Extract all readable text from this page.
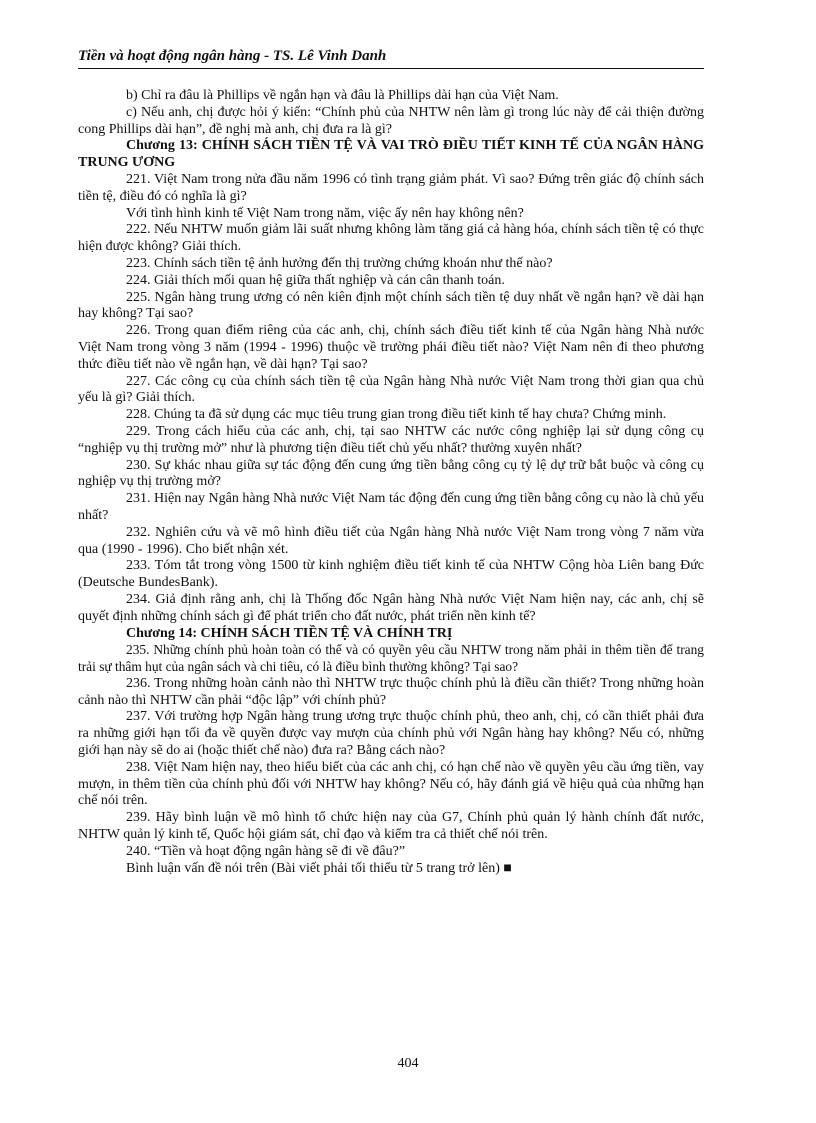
Tiền và hoạt động ngân hàng - TS. Lê Vinh Danh

b) Chỉ ra đâu là Phillips về ngắn hạn và đâu là Phillips dài hạn của Việt Nam.

c) Nếu anh, chị được hỏi ý kiến: “Chính phủ của NHTW nên làm gì trong lúc này để cải thiện đường cong Phillips dài hạn”, đề nghị mà anh, chị đưa ra là gì?

Chương 13: CHÍNH SÁCH TIỀN TỆ VÀ VAI TRÒ ĐIỀU TIẾT KINH TẾ CỦA NGÂN HÀNG TRUNG ƯƠNG

221. Việt Nam trong nửa đầu năm 1996 có tình trạng giảm phát. Vì sao? Đứng trên giác độ chính sách tiền tệ, điều đó có nghĩa là gì?

Với tình hình kinh tế Việt Nam trong năm, việc ấy nên hay không nên?

222. Nếu NHTW muốn giảm lãi suất nhưng không làm tăng giá cả hàng hóa, chính sách tiền tệ có thực hiện được không? Giải thích.

223. Chính sách tiền tệ ảnh hưởng đến thị trường chứng khoán như thế nào?

224. Giải thích mối quan hệ giữa thất nghiệp và cán cân thanh toán.

225. Ngân hàng trung ương có nên kiên định một chính sách tiền tệ duy nhất về ngắn hạn? về dài hạn hay không? Tại sao?

226. Trong quan điểm riêng của các anh, chị, chính sách điều tiết kinh tế của Ngân hàng Nhà nước Việt Nam trong vòng 3 năm (1994 - 1996) thuộc về trường phái điều tiết nào? Việt Nam nên đi theo phương thức điều tiết nào về ngắn hạn, về dài hạn? Tại sao?

227. Các công cụ của chính sách tiền tệ của Ngân hàng Nhà nước Việt Nam trong thời gian qua chủ yếu là gì? Giải thích.

228. Chúng ta đã sử dụng các mục tiêu trung gian trong điều tiết kinh tế hay chưa? Chứng minh.

229. Trong cách hiểu của các anh, chị, tại sao NHTW các nước công nghiệp lại sử dụng công cụ “nghiệp vụ thị trường mở” như là phương tiện điều tiết chủ yếu nhất? thường xuyên nhất?

230. Sự khác nhau giữa sự tác động đến cung ứng tiền bằng công cụ tỷ lệ dự trữ bắt buộc và công cụ nghiệp vụ thị trường mở?

231. Hiện nay Ngân hàng Nhà nước Việt Nam tác động đến cung ứng tiền bằng công cụ nào là chủ yếu nhất?

232. Nghiên cứu và vẽ mô hình điều tiết của Ngân hàng Nhà nước Việt Nam trong vòng 7 năm vừa qua (1990 - 1996). Cho biết nhận xét.

233. Tóm tắt trong vòng 1500 từ kinh nghiệm điều tiết kinh tế của NHTW Cộng hòa Liên bang Đức (Deutsche BundesBank).

234. Giả định rằng anh, chị là Thống đốc Ngân hàng Nhà nước Việt Nam hiện nay, các anh, chị sẽ quyết định những chính sách gì để phát triển cho đất nước, phát triển nền kinh tế?

Chương 14: CHÍNH SÁCH TIỀN TỆ VÀ CHÍNH TRỊ

235. Những chính phủ hoàn toàn có thể và có quyền yêu cầu NHTW trong năm phải in thêm tiền để trang trải sự thâm hụt của ngân sách và chi tiêu, có là điều bình thường không? Tại sao?

236. Trong những hoàn cảnh nào thì NHTW trực thuộc chính phủ là điều cần thiết? Trong những hoàn cảnh nào thì NHTW cần phải “độc lập” với chính phủ?

237. Với trường hợp Ngân hàng trung ương trực thuộc chính phủ, theo anh, chị, có cần thiết phải đưa ra những giới hạn tối đa về quyền được vay mượn của chính phủ với Ngân hàng hay không? Nếu có, những giới hạn này sẽ do ai (hoặc thiết chế nào) đưa ra? Bằng cách nào?

238. Việt Nam hiện nay, theo hiểu biết của các anh chị, có hạn chế nào về quyền yêu cầu ứng tiền, vay mượn, in thêm tiền của chính phủ đối với NHTW hay không? Nếu có, hãy đánh giá về hiệu quả của những hạn chế nói trên.

239. Hãy bình luận về mô hình tổ chức hiện nay của G7, Chính phủ quản lý hành chính đất nước, NHTW quản lý kinh tế, Quốc hội giám sát, chỉ đạo và kiểm tra cả thiết chế nói trên.

240. “Tiền và hoạt động ngân hàng sẽ đi về đâu?”

Bình luận vấn đề nói trên (Bài viết phải tối thiểu từ 5 trang trở lên) ■

404
